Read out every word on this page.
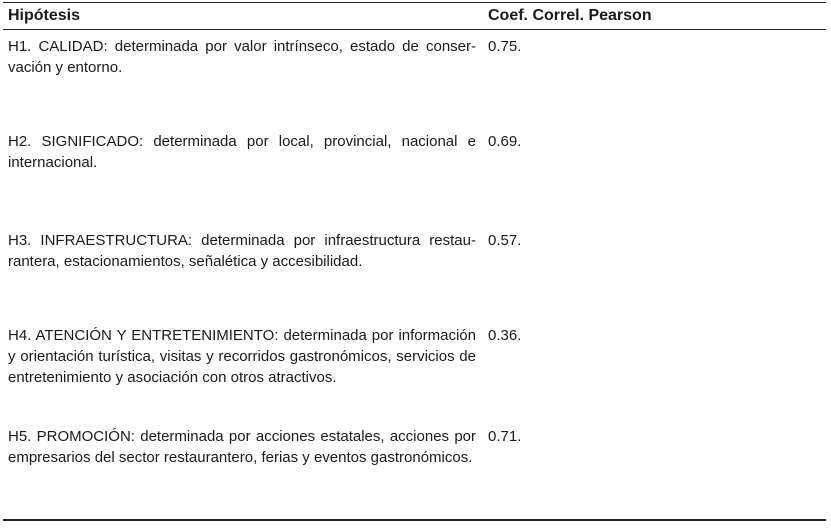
Hipótesis	Coef. Correl. Pearson
H1. CALIDAD: determinada por valor intrínseco, estado de conservación y entorno.
0.75.
H2. SIGNIFICADO: determinada por local, provincial, nacional e internacional.
0.69.
H3. INFRAESTRUCTURA: determinada por infraestructura restaurantera, estacionamientos, señalética y accesibilidad.
0.57.
H4. ATENCIÓN Y ENTRETENIMIENTO: determinada por información y orientación turística, visitas y recorridos gastronómicos, servicios de entretenimiento y asociación con otros atractivos.
0.36.
H5. PROMOCIÓN: determinada por acciones estatales, acciones por empresarios del sector restaurantero, ferias y eventos gastronómicos.
0.71.
